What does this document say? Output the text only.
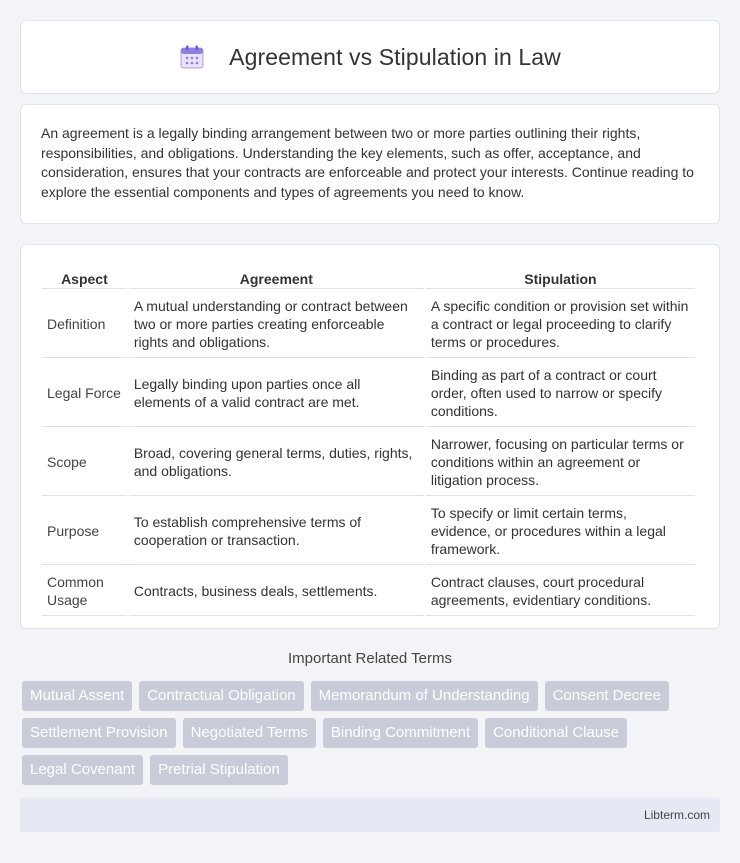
Agreement vs Stipulation in Law

An agreement is a legally binding arrangement between two or more parties outlining their rights, responsibilities, and obligations. Understanding the key elements, such as offer, acceptance, and consideration, ensures that your contracts are enforceable and protect your interests. Continue reading to explore the essential components and types of agreements you need to know.

Aspect	Agreement	Stipulation
Definition	A mutual understanding or contract between two or more parties creating enforceable rights and obligations.	A specific condition or provision set within a contract or legal proceeding to clarify terms or procedures.
Legal Force	Legally binding upon parties once all elements of a valid contract are met.	Binding as part of a contract or court order, often used to narrow or specify conditions.
Scope	Broad, covering general terms, duties, rights, and obligations.	Narrower, focusing on particular terms or conditions within an agreement or litigation process.
Purpose	To establish comprehensive terms of cooperation or transaction.	To specify or limit certain terms, evidence, or procedures within a legal framework.
Common Usage	Contracts, business deals, settlements.	Contract clauses, court procedural agreements, evidentiary conditions.
Important Related Terms
Mutual Assent	Contractual Obligation	Memorandum of Understanding	Consent Decree
Settlement Provision	Negotiated Terms	Binding Commitment	Conditional Clause
Legal Covenant	Pretrial Stipulation
Libterm.com
